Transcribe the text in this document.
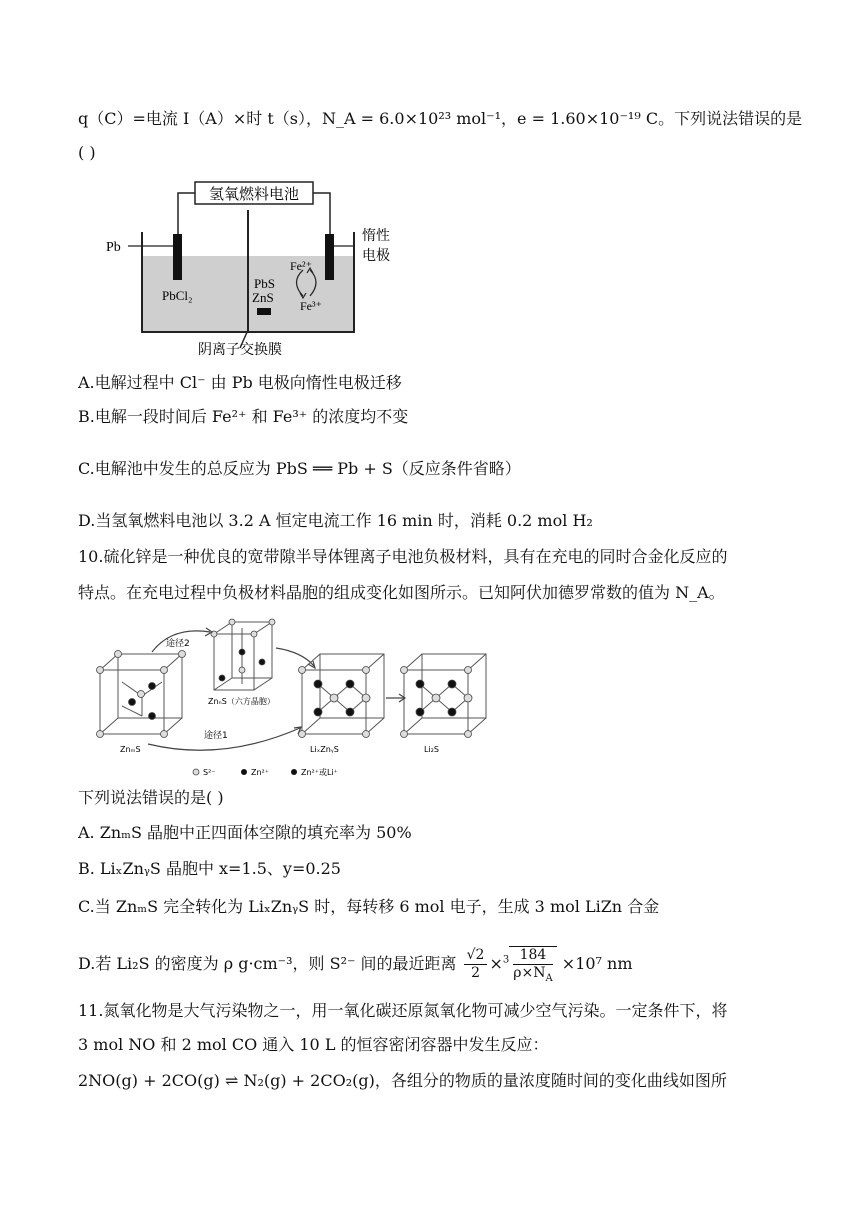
q（C）=电流 I（A）×时 t（s），N_A = 6.0×10²³ mol⁻¹，e = 1.60×10⁻¹⁹ C。下列说法错误的是
( )
氢氧燃料电池
Pb
惰性
电极
PbCl₂
PbS
ZnS
Fe²⁺
Fe³⁺
阴离子交换膜
A.电解过程中 Cl⁻ 由 Pb 电极向惰性电极迁移
B.电解一段时间后 Fe²⁺ 和 Fe³⁺ 的浓度均不变
C.电解池中发生的总反应为 PbS ══ Pb + S（反应条件省略）
D.当氢氧燃料电池以 3.2 A 恒定电流工作 16 min 时，消耗 0.2 mol H₂
10.硫化锌是一种优良的宽带隙半导体锂离子电池负极材料，具有在充电的同时合金化反应的
特点。在充电过程中负极材料晶胞的组成变化如图所示。已知阿伏加德罗常数的值为 N_A。
途径2
途径1
ZnₙS（六方晶胞）
ZnₘS	LiₓZnᵧS	Li₂S
S²⁻	Zn²⁺	Zn²⁺或Li⁺
下列说法错误的是( )
A. ZnₘS 晶胞中正四面体空隙的填充率为 50%
B. LiₓZnᵧS 晶胞中 x=1.5、y=0.25
C.当 ZnₘS 完全转化为 LiₓZnᵧS 时，每转移 6 mol 电子，生成 3 mol LiZn 合金
D.若 Li₂S 的密度为 ρ g·cm⁻³，则 S²⁻ 间的最近距离 $\frac{√2}{2} \times^3 \frac{184}{\rho\times N_A} \times 10^7$ nm
11.氮氧化物是大气污染物之一，用一氧化碳还原氮氧化物可减少空气污染。一定条件下，将
3 mol NO 和 2 mol CO 通入 10 L 的恒容密闭容器中发生反应：
2NO(g) + 2CO(g) ⇌ N₂(g) + 2CO₂(g)，各组分的物质的量浓度随时间的变化曲线如图所
